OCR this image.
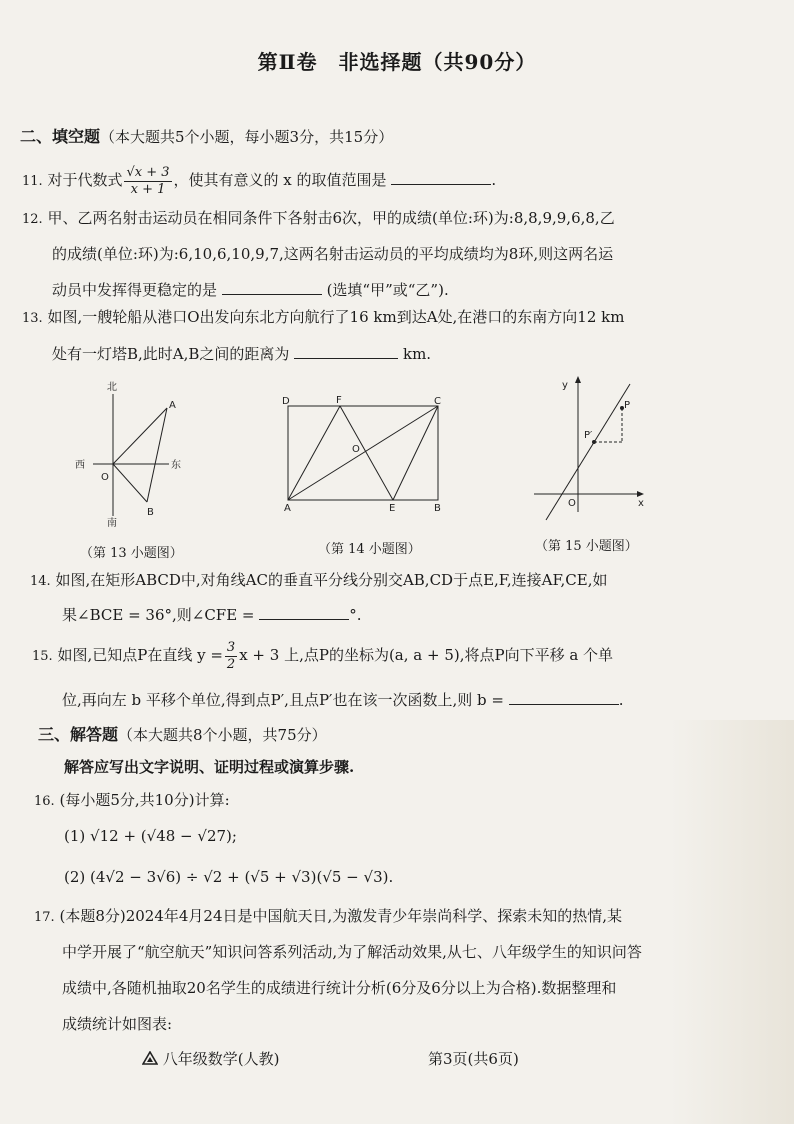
第Ⅱ卷　非选择题（共90分）
二、填空题（本大题共5个小题，每小题3分，共15分）
11. 对于代数式 $\frac{√x + 3}{x + 1}$ ，使其有意义的 x 的取值范围是	.
12. 甲、乙两名射击运动员在相同条件下各射击6次，甲的成绩(单位:环)为:8,8,9,9,6,8,乙
的成绩(单位:环)为:6,10,6,10,9,7,这两名射击运动员的平均成绩均为8环,则这两名运
动员中发挥得更稳定的是	(选填“甲”或“乙”).
13. 如图,一艘轮船从港口O出发向东北方向航行了16 km到达A处,在港口的东南方向12 km
处有一灯塔B,此时A,B之间的距离为	km.
北
南
西	东
O
A
B
（第 13 小题图）
D	F	C
O
A	E	B
（第 14 小题图）
y
x
O
P
P′
（第 15 小题图）
14. 如图,在矩形ABCD中,对角线AC的垂直平分线分别交AB,CD于点E,F,连接AF,CE,如
果∠BCE = 36°,则∠CFE =	°.
15. 如图,已知点P在直线 $y = \frac{3}{2}$ x + 3 上,点P的坐标为(a, a + 5),将点P向下平移 a 个单
位,再向左 b 平移个单位,得到点P′,且点P′也在该一次函数上,则 b =	.
三、解答题（本大题共8个小题，共75分）
解答应写出文字说明、证明过程或演算步骤.
16. (每小题5分,共10分)计算:
(1) √12 + (√48 − √27);
(2) (4√2 − 3√6) ÷ √2 + (√5 + √3)(√5 − √3).
17. (本题8分)2024年4月24日是中国航天日,为激发青少年崇尚科学、探索未知的热情,某
中学开展了“航空航天”知识问答系列活动,为了解活动效果,从七、八年级学生的知识问答
成绩中,各随机抽取20名学生的成绩进行统计分析(6分及6分以上为合格).数据整理和
成绩统计如图表:
八年级数学(人教)	第3页(共6页)
